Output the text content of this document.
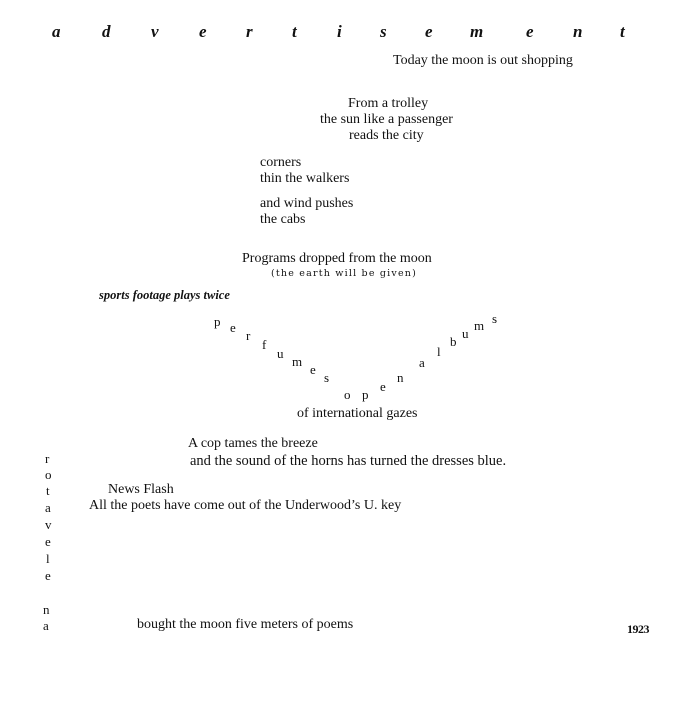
a d v e r t i s e m	e n t
Today the moon is out shopping
From a trolley
the sun like a passenger
reads the city
corners
thin the walkers
and wind pushes
the cabs
Programs dropped from the moon
(the earth will be given)
sports footage plays twice
p e
r
f
u
m
e
s
o p
e
n
a
l
b
u
m s
of international gazes
A cop tames the breeze
and the sound of the horns has turned the dresses blue.
News Flash
All the poets have come out of the Underwood’s U. key
r
o
t
a
v
e
l
e
n
a	bought the moon five meters of poems	1923
